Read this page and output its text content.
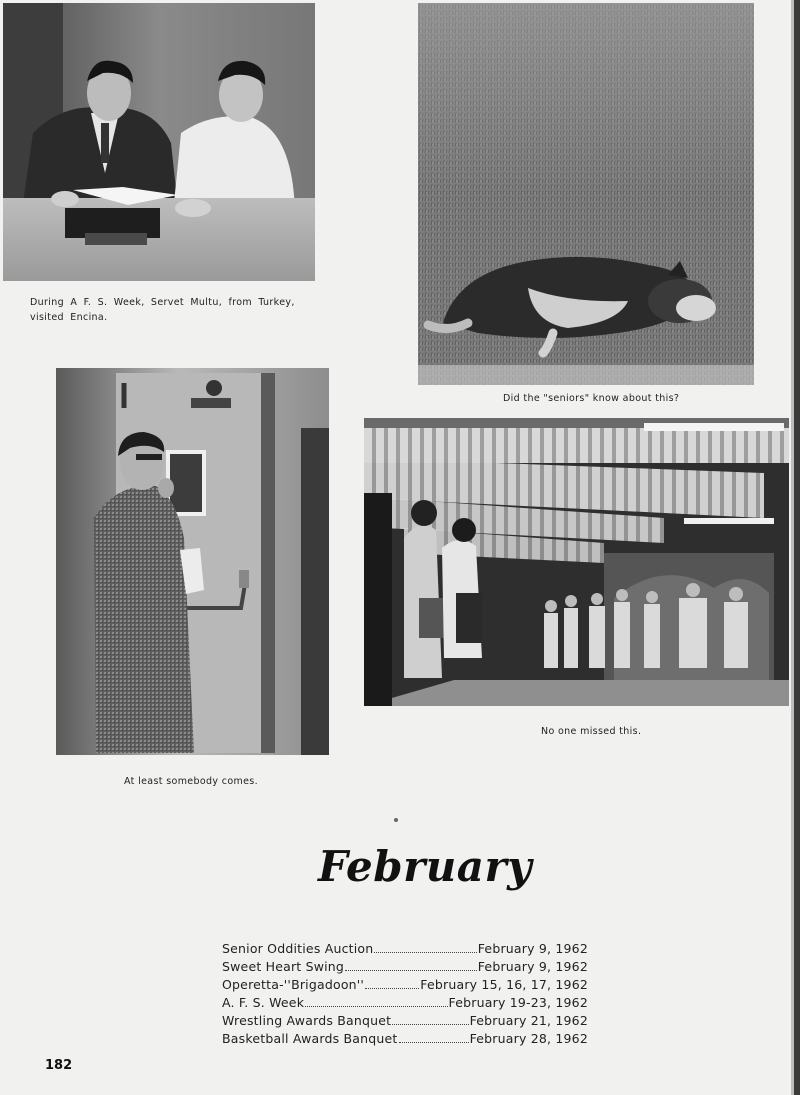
During A F. S. Week, Servet Multu, from Turkey, visited Encina.
Did the "seniors" know about this?
At least somebody comes.
No one missed this.
February
Senior Oddities Auction	February 9, 1962
Sweet Heart Swing	February 9, 1962
Operetta-''Brigadoon''	February 15, 16, 17, 1962
A. F. S. Week	February 19-23, 1962
Wrestling Awards Banquet	February 21, 1962
Basketball Awards Banquet	February 28, 1962
182
